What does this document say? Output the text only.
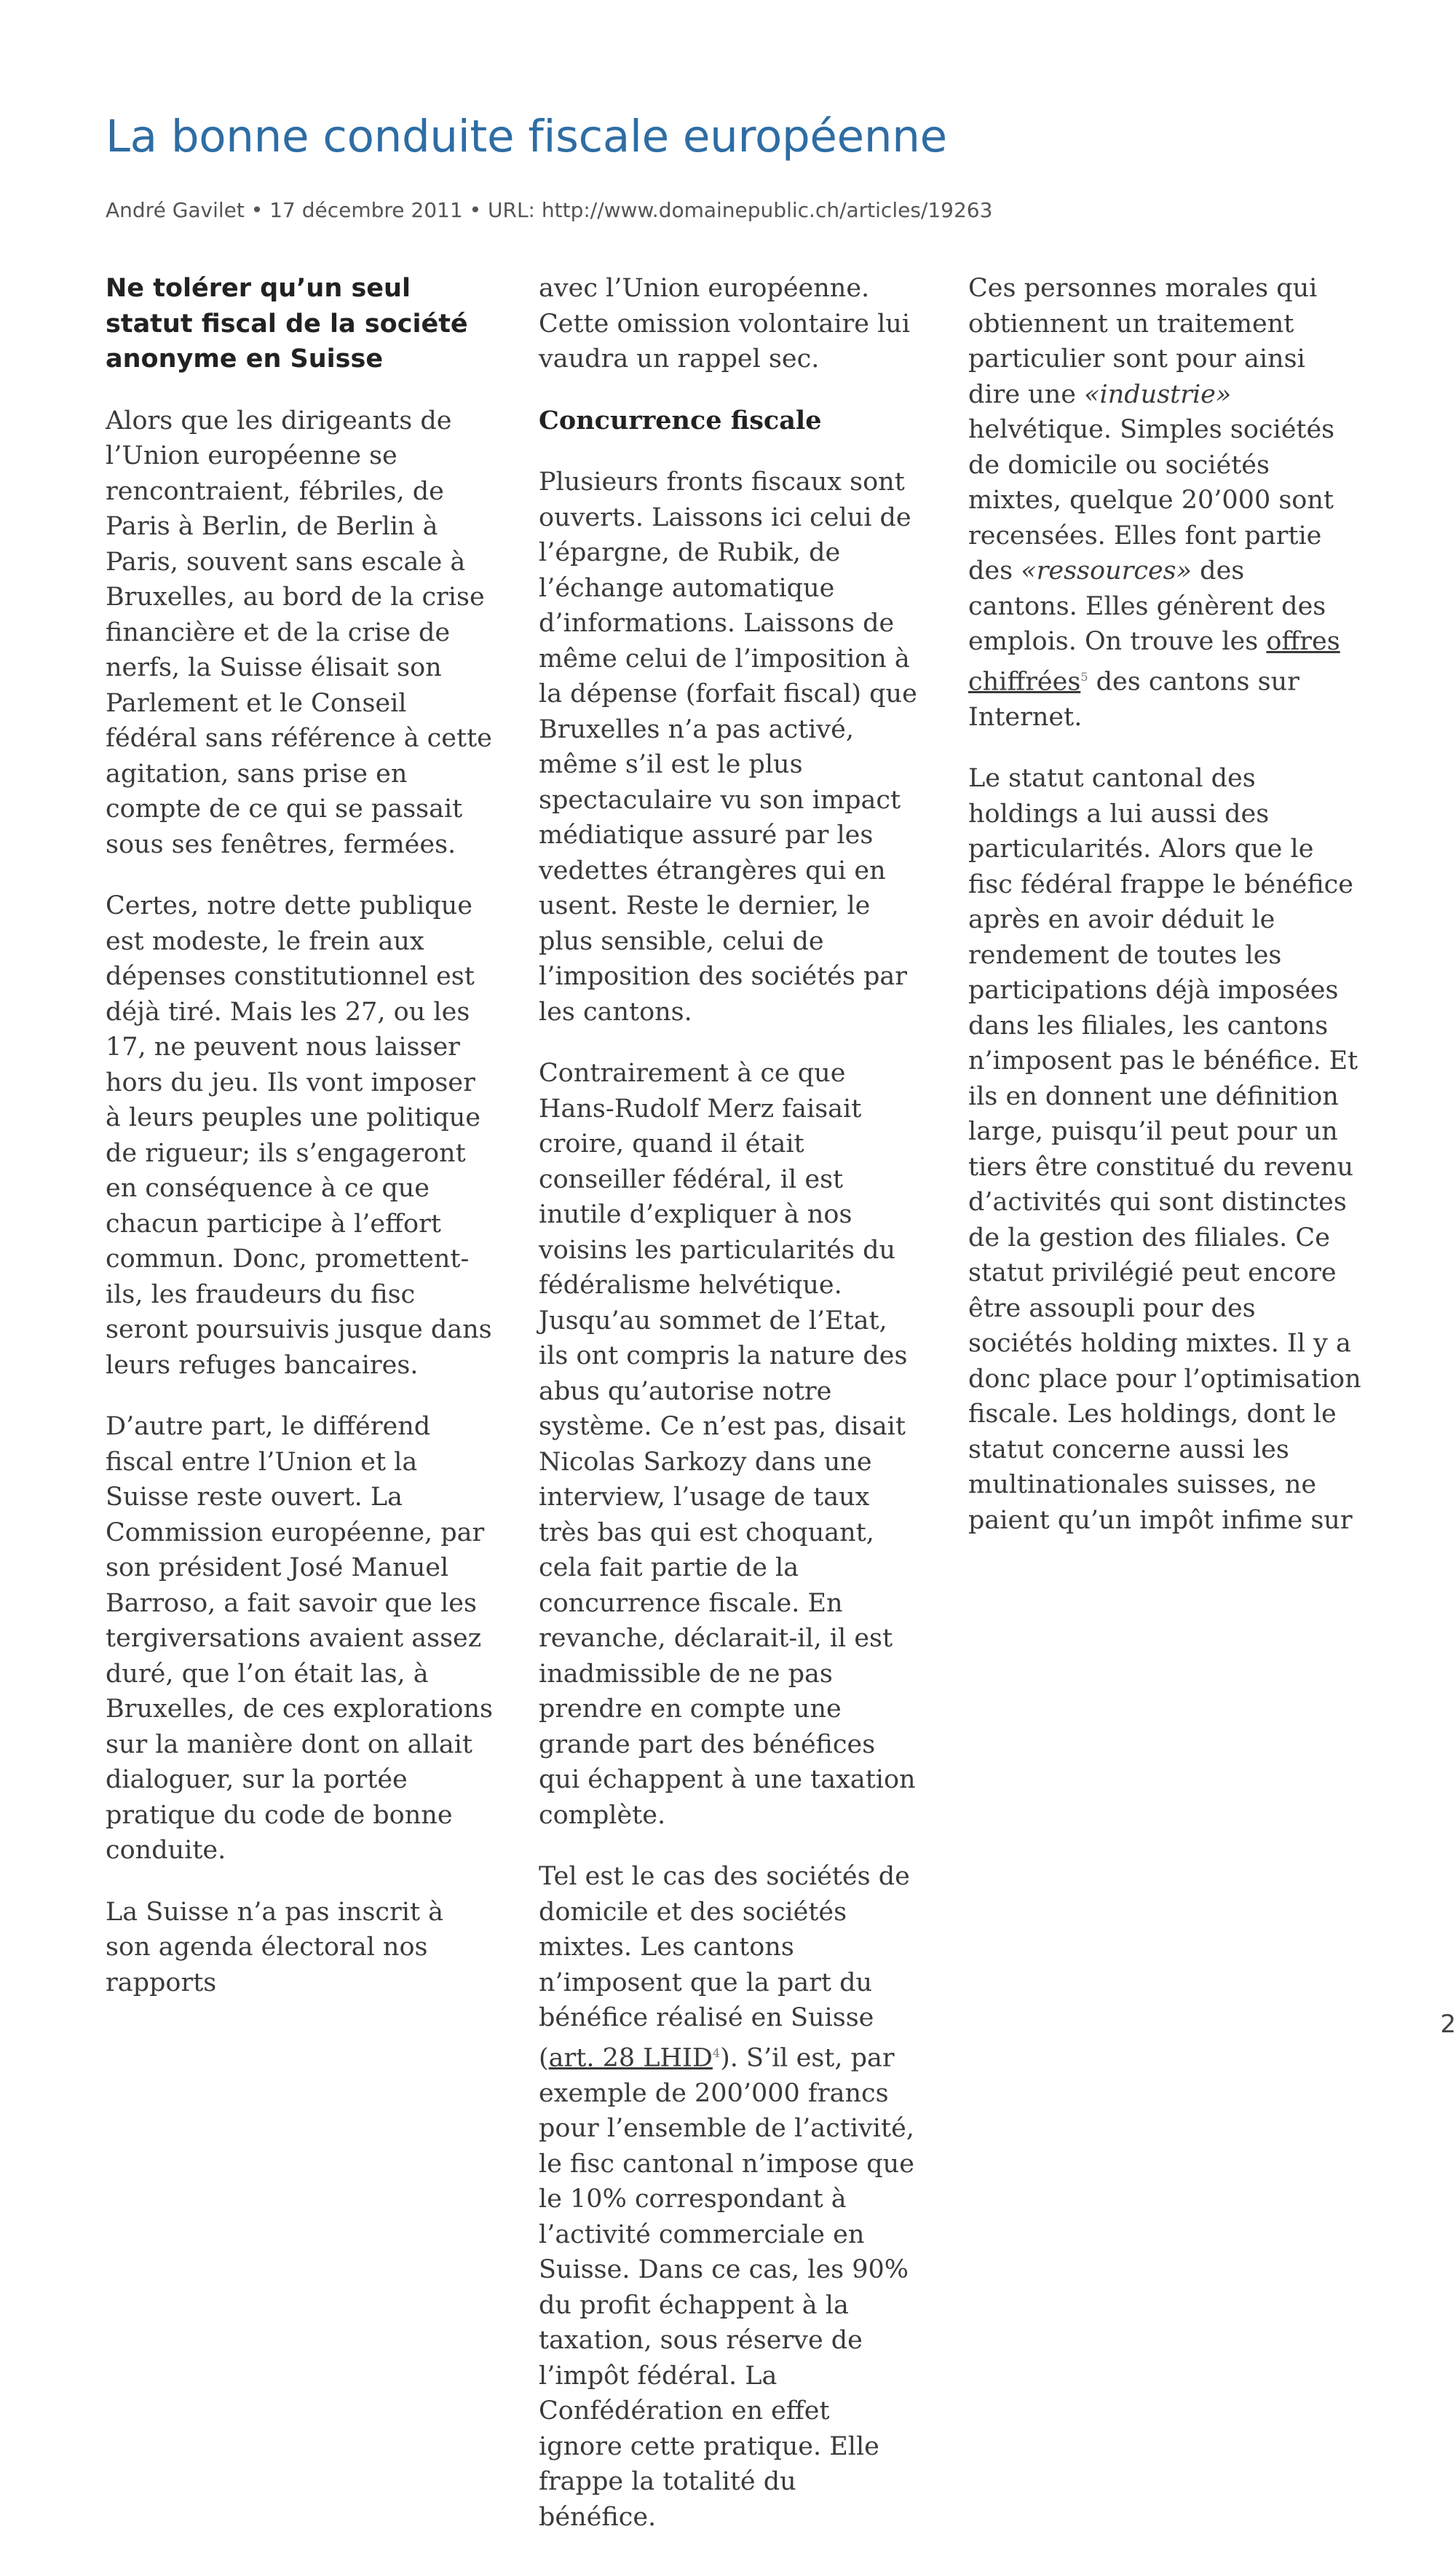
La bonne conduite fiscale européenne
André Gavilet • 17 décembre 2011 • URL: http://www.domainepublic.ch/articles/19263

Ne tolérer qu’un seul statut fiscal de la société anonyme en Suisse

Alors que les dirigeants de l’Union européenne se rencontraient, fébriles, de Paris à Berlin, de Berlin à Paris, souvent sans escale à Bruxelles, au bord de la crise financière et de la crise de nerfs, la Suisse élisait son Parlement et le Conseil fédéral sans référence à cette agitation, sans prise en compte de ce qui se passait sous ses fenêtres, fermées.

Certes, notre dette publique est modeste, le frein aux dépenses constitutionnel est déjà tiré. Mais les 27, ou les 17, ne peuvent nous laisser hors du jeu. Ils vont imposer à leurs peuples une politique de rigueur; ils s’engageront en conséquence à ce que chacun participe à l’effort commun. Donc, promettent-ils, les fraudeurs du fisc seront poursuivis jusque dans leurs refuges bancaires.

D’autre part, le différend fiscal entre l’Union et la Suisse reste ouvert. La Commission européenne, par son président José Manuel Barroso, a fait savoir que les tergiversations avaient assez duré, que l’on était las, à Bruxelles, de ces explorations sur la manière dont on allait dialoguer, sur la portée pratique du code de bonne conduite.

La Suisse n’a pas inscrit à son agenda électoral nos rapports

avec l’Union européenne. Cette omission volontaire lui vaudra un rappel sec.

Concurrence fiscale

Plusieurs fronts fiscaux sont ouverts. Laissons ici celui de l’épargne, de Rubik, de l’échange automatique d’informations. Laissons de même celui de l’imposition à la dépense (forfait fiscal) que Bruxelles n’a pas activé, même s’il est le plus spectaculaire vu son impact médiatique assuré par les vedettes étrangères qui en usent. Reste le dernier, le plus sensible, celui de l’imposition des sociétés par les cantons.

Contrairement à ce que Hans-Rudolf Merz faisait croire, quand il était conseiller fédéral, il est inutile d’expliquer à nos voisins les particularités du fédéralisme helvétique. Jusqu’au sommet de l’Etat, ils ont compris la nature des abus qu’autorise notre système. Ce n’est pas, disait Nicolas Sarkozy dans une interview, l’usage de taux très bas qui est choquant, cela fait partie de la concurrence fiscale. En revanche, déclarait-il, il est inadmissible de ne pas prendre en compte une grande part des bénéfices qui échappent à une taxation complète.

Tel est le cas des sociétés de domicile et des sociétés mixtes. Les cantons n’imposent que la part du bénéfice réalisé en Suisse (art. 28 LHID$^4$). S’il est, par exemple de 200’000 francs pour l’ensemble de l’activité, le fisc cantonal n’impose que le 10% correspondant à l’activité commerciale en Suisse. Dans ce cas, les 90% du profit échappent à la taxation, sous réserve de l’impôt fédéral. La Confédération en effet ignore cette pratique. Elle frappe la totalité du bénéfice.

Ces personnes morales qui obtiennent un traitement particulier sont pour ainsi dire une «industrie» helvétique. Simples sociétés de domicile ou sociétés mixtes, quelque 20’000 sont recensées. Elles font partie des «ressources» des cantons. Elles génèrent des emplois. On trouve les offres chiffrées$^5$ des cantons sur Internet.

Le statut cantonal des holdings a lui aussi des particularités. Alors que le fisc fédéral frappe le bénéfice après en avoir déduit le rendement de toutes les participations déjà imposées dans les filiales, les cantons n’imposent pas le bénéfice. Et ils en donnent une définition large, puisqu’il peut pour un tiers être constitué du revenu d’activités qui sont distinctes de la gestion des filiales. Ce statut privilégié peut encore être assoupli pour des sociétés holding mixtes. Il y a donc place pour l’optimisation fiscale. Les holdings, dont le statut concerne aussi les multinationales suisses, ne paient qu’un impôt infime sur

2
